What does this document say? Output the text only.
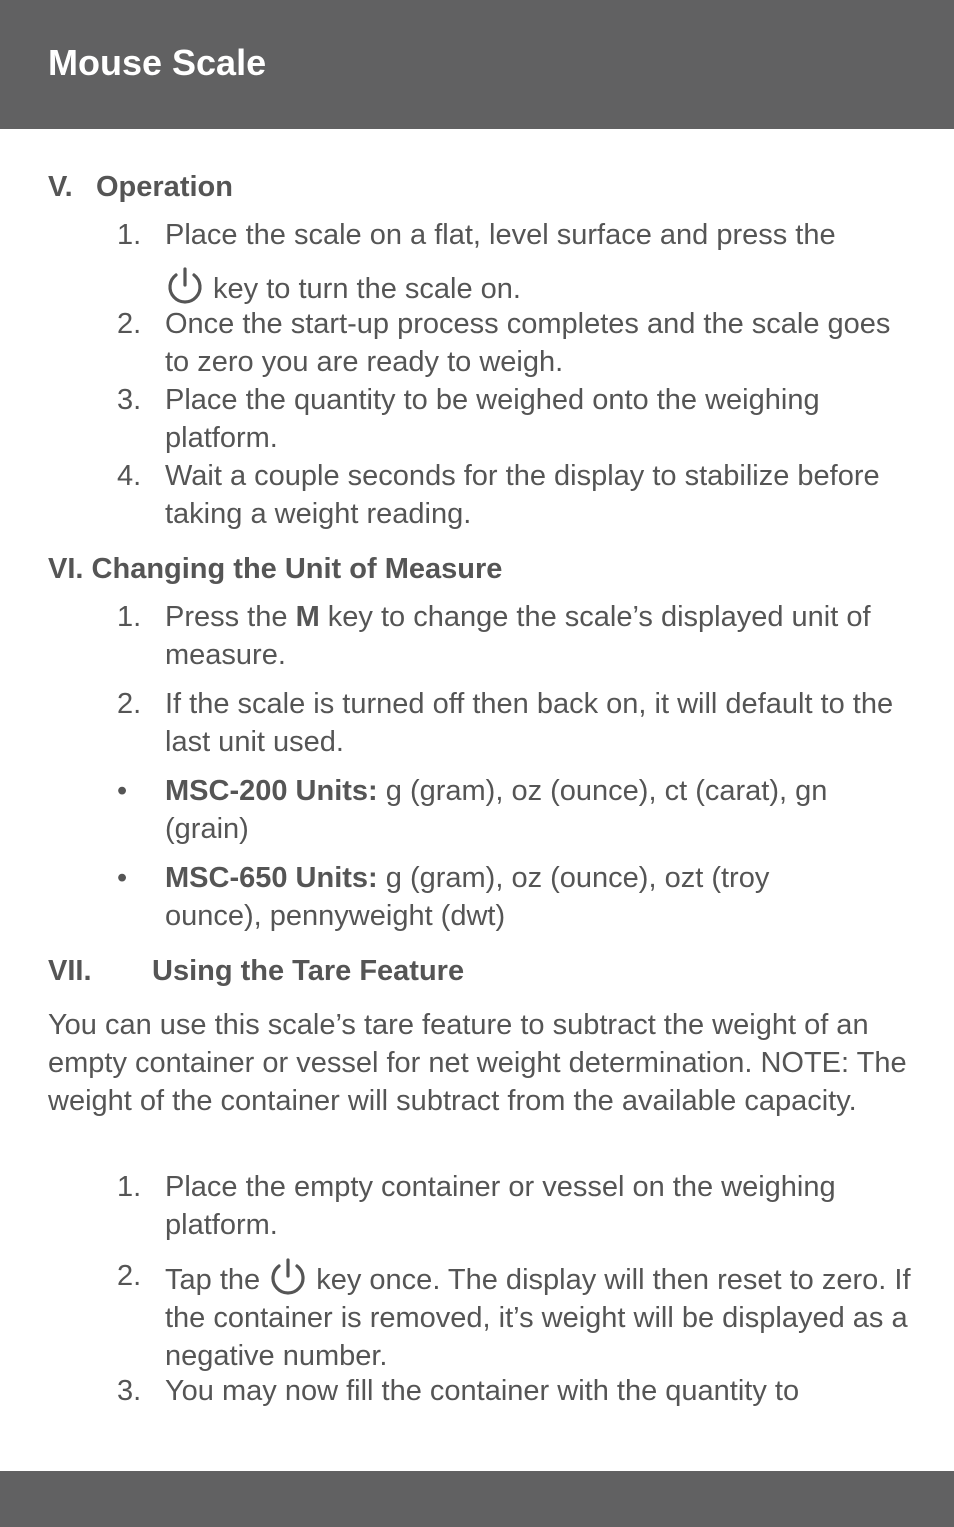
Mouse Scale
V. Operation
1. Place the scale on a flat, level surface and press the
key to turn the scale on.
2. Once the start-up process completes and the scale goes to zero you are ready to weigh.
3. Place the quantity to be weighed onto the weighing platform.
4. Wait a couple seconds for the display to stabilize before taking a weight reading.
VI. Changing the Unit of Measure
1. Press the M key to change the scale’s displayed unit of measure.
2. If the scale is turned off then back on, it will default to the last unit used.
• MSC-200 Units: g (gram), oz (ounce), ct (carat), gn (grain)
• MSC-650 Units: g (gram), oz (ounce), ozt (troy ounce), pennyweight (dwt)
VII. Using the Tare Feature
You can use this scale’s tare feature to subtract the weight of an empty container or vessel for net weight determination. NOTE: The weight of the container will subtract from the available capacity.
1. Place the empty container or vessel on the weighing platform.
2. Tap the  key once. The display will then reset to zero. If the container is removed, it’s weight will be displayed as a negative number.
3. You may now fill the container with the quantity to
